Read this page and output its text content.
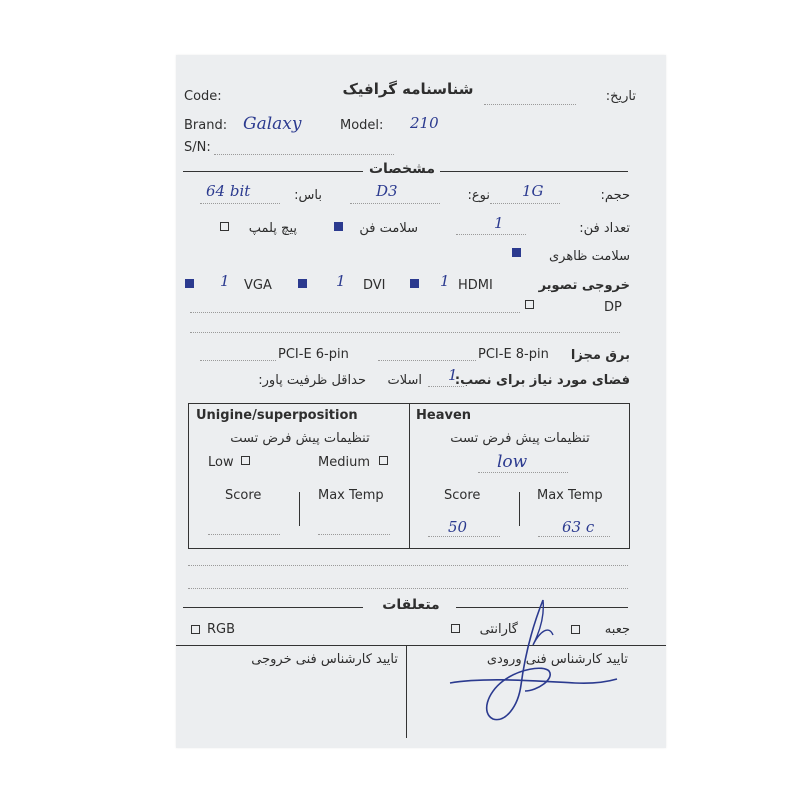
Code:	شناسنامه گرافیک	تاریخ:
Brand: Galaxy	Model: 210
S/N:
مشخصات
حجم:
1G
نوع:
D3
باس:
64 bit
تعداد فن:
1
سلامت فن
پیچ پلمپ
سلامت ظاهری
خروجی تصویر
HDMI
1
DVI
1
VGA
1
DP
برق مجزا
PCI-E 8-pin
PCI-E 6-pin
فضای مورد نیاز برای نصب:
1
اسلات
حداقل ظرفیت پاور:
Unigine/superposition
تنظیمات پیش فرض تست
Low	Medium
Score	Max Temp
Heaven
تنظیمات پیش فرض تست
low
Score	Max Temp
50	63 c
متعلقات
جعبه
گارانتی
RGB
تایید کارشناس فنی ورودی
تایید کارشناس فنی خروجی
